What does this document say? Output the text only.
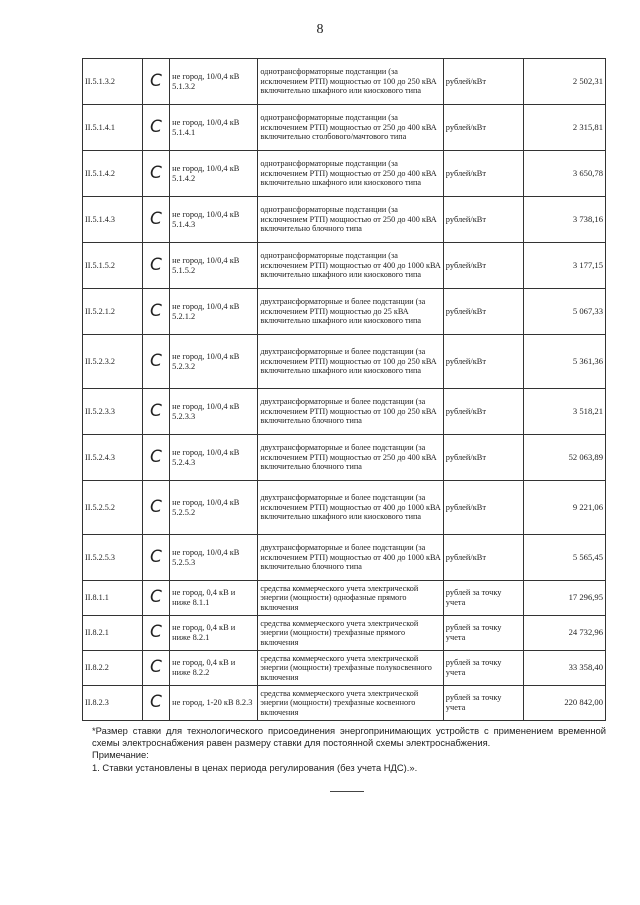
8
II.5.1.3.2	С	не город, 10/0,4 кВ 5.1.3.2	однотрансформаторные подстанции (за исключением РТП) мощностью от 100 до 250 кВА включительно шкафного или киоскового типа	рублей/кВт	2 502,31
II.5.1.4.1	С	не город, 10/0,4 кВ 5.1.4.1	однотрансформаторные подстанции (за исключением РТП) мощностью от 250 до 400 кВА включительно столбового/мачтового типа	рублей/кВт	2 315,81
II.5.1.4.2	С	не город, 10/0,4 кВ 5.1.4.2	однотрансформаторные подстанции (за исключением РТП) мощностью от 250 до 400 кВА включительно шкафного или киоскового типа	рублей/кВт	3 650,78
II.5.1.4.3	С	не город, 10/0,4 кВ 5.1.4.3	однотрансформаторные подстанции (за исключением РТП) мощностью от 250 до 400 кВА включительно блочного типа	рублей/кВт	3 738,16
II.5.1.5.2	С	не город, 10/0,4 кВ 5.1.5.2	однотрансформаторные подстанции (за исключением РТП) мощностью от 400 до 1000 кВА включительно шкафного или киоскового типа	рублей/кВт	3 177,15
II.5.2.1.2	С	не город, 10/0,4 кВ 5.2.1.2	двухтрансформаторные и более подстанции (за исключением РТП) мощностью до 25 кВА включительно шкафного или киоскового типа	рублей/кВт	5 067,33
II.5.2.3.2	С	не город, 10/0,4 кВ 5.2.3.2	двухтрансформаторные и более подстанции (за исключением РТП) мощностью от 100 до 250 кВА включительно шкафного или киоскового типа	рублей/кВт	5 361,36
II.5.2.3.3	С	не город, 10/0,4 кВ 5.2.3.3	двухтрансформаторные и более подстанции (за исключением РТП) мощностью от 100 до 250 кВА включительно блочного типа	рублей/кВт	3 518,21
II.5.2.4.3	С	не город, 10/0,4 кВ 5.2.4.3	двухтрансформаторные и более подстанции (за исключением РТП) мощностью от 250 до 400 кВА включительно блочного типа	рублей/кВт	52 063,89
II.5.2.5.2	С	не город, 10/0,4 кВ 5.2.5.2	двухтрансформаторные и более подстанции (за исключением РТП) мощностью от 400 до 1000 кВА включительно шкафного или киоскового типа	рублей/кВт	9 221,06
II.5.2.5.3	С	не город, 10/0,4 кВ 5.2.5.3	двухтрансформаторные и более подстанции (за исключением РТП) мощностью от 400 до 1000 кВА включительно блочного типа	рублей/кВт	5 565,45
II.8.1.1	С	не город, 0,4 кВ и ниже 8.1.1	средства коммерческого учета электрической энергии (мощности) однофазные прямого включения	рублей за точку учета	17 296,95
II.8.2.1	С	не город, 0,4 кВ и ниже 8.2.1	средства коммерческого учета электрической энергии (мощности) трехфазные прямого включения	рублей за точку учета	24 732,96
II.8.2.2	С	не город, 0,4 кВ и ниже 8.2.2	средства коммерческого учета электрической энергии (мощности) трехфазные полукосвенного включения	рублей за точку учета	33 358,40
II.8.2.3	С	не город, 1-20 кВ 8.2.3	средства коммерческого учета электрической энергии (мощности) трехфазные косвенного включения	рублей за точку учета	220 842,00

*Размер ставки для технологического присоединения энергопринимающих устройств с применением временной схемы электроснабжения равен размеру ставки для постоянной схемы электроснабжения.

Примечание:

1. Ставки установлены в ценах периода регулирования (без учета НДС).».
